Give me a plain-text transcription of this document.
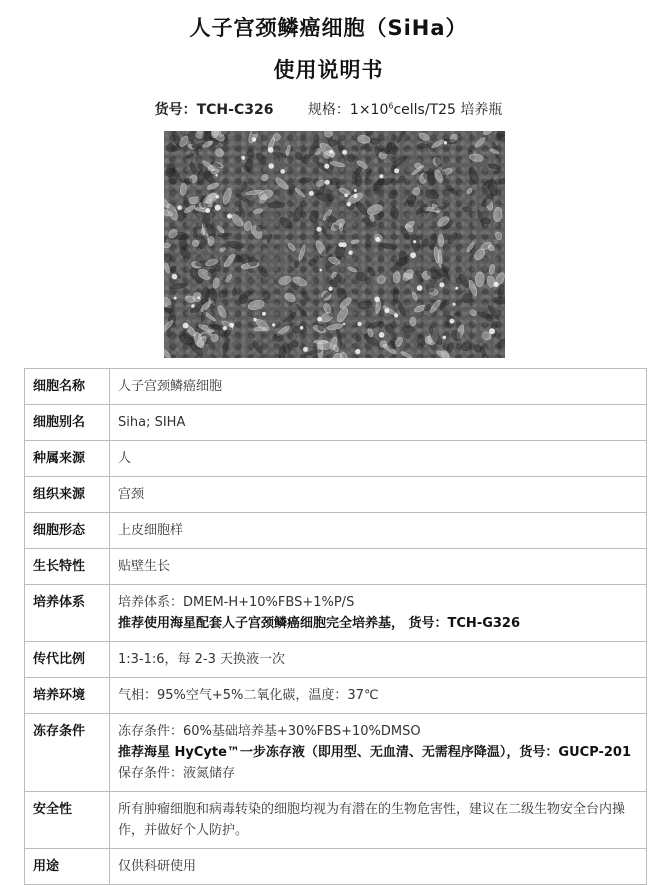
人子宫颈鳞癌细胞（SiHa）
使用说明书
货号：TCH-C326 规格：$1\times 10^6cells/T25$ 培养瓶
细胞名称	人子宫颈鳞癌细胞

细胞别名	Siha; SIHA

种属来源	人

组织来源	宫颈

细胞形态	上皮细胞样

生长特性	贴壁生长

培养体系	培养体系：DMEM-H+10%FBS+1%P/S
推荐使用海星配套人子宫颈鳞癌细胞完全培养基， 货号：TCH-G326

传代比例	1:3-1:6，每 2-3 天换液一次

培养环境	气相：95%空气+5%二氧化碳，温度：37℃

冻存条件	冻存条件：60%基础培养基+30%FBS+10%DMSO
推荐海星 HyCyte™一步冻存液（即用型、无血清、无需程序降温），货号：GUCP-201
保存条件：液氮储存

安全性	所有肿瘤细胞和病毒转染的细胞均视为有潜在的生物危害性，建议在二级生物安全台内操作，并做好个人防护。

用途	仅供科研使用
